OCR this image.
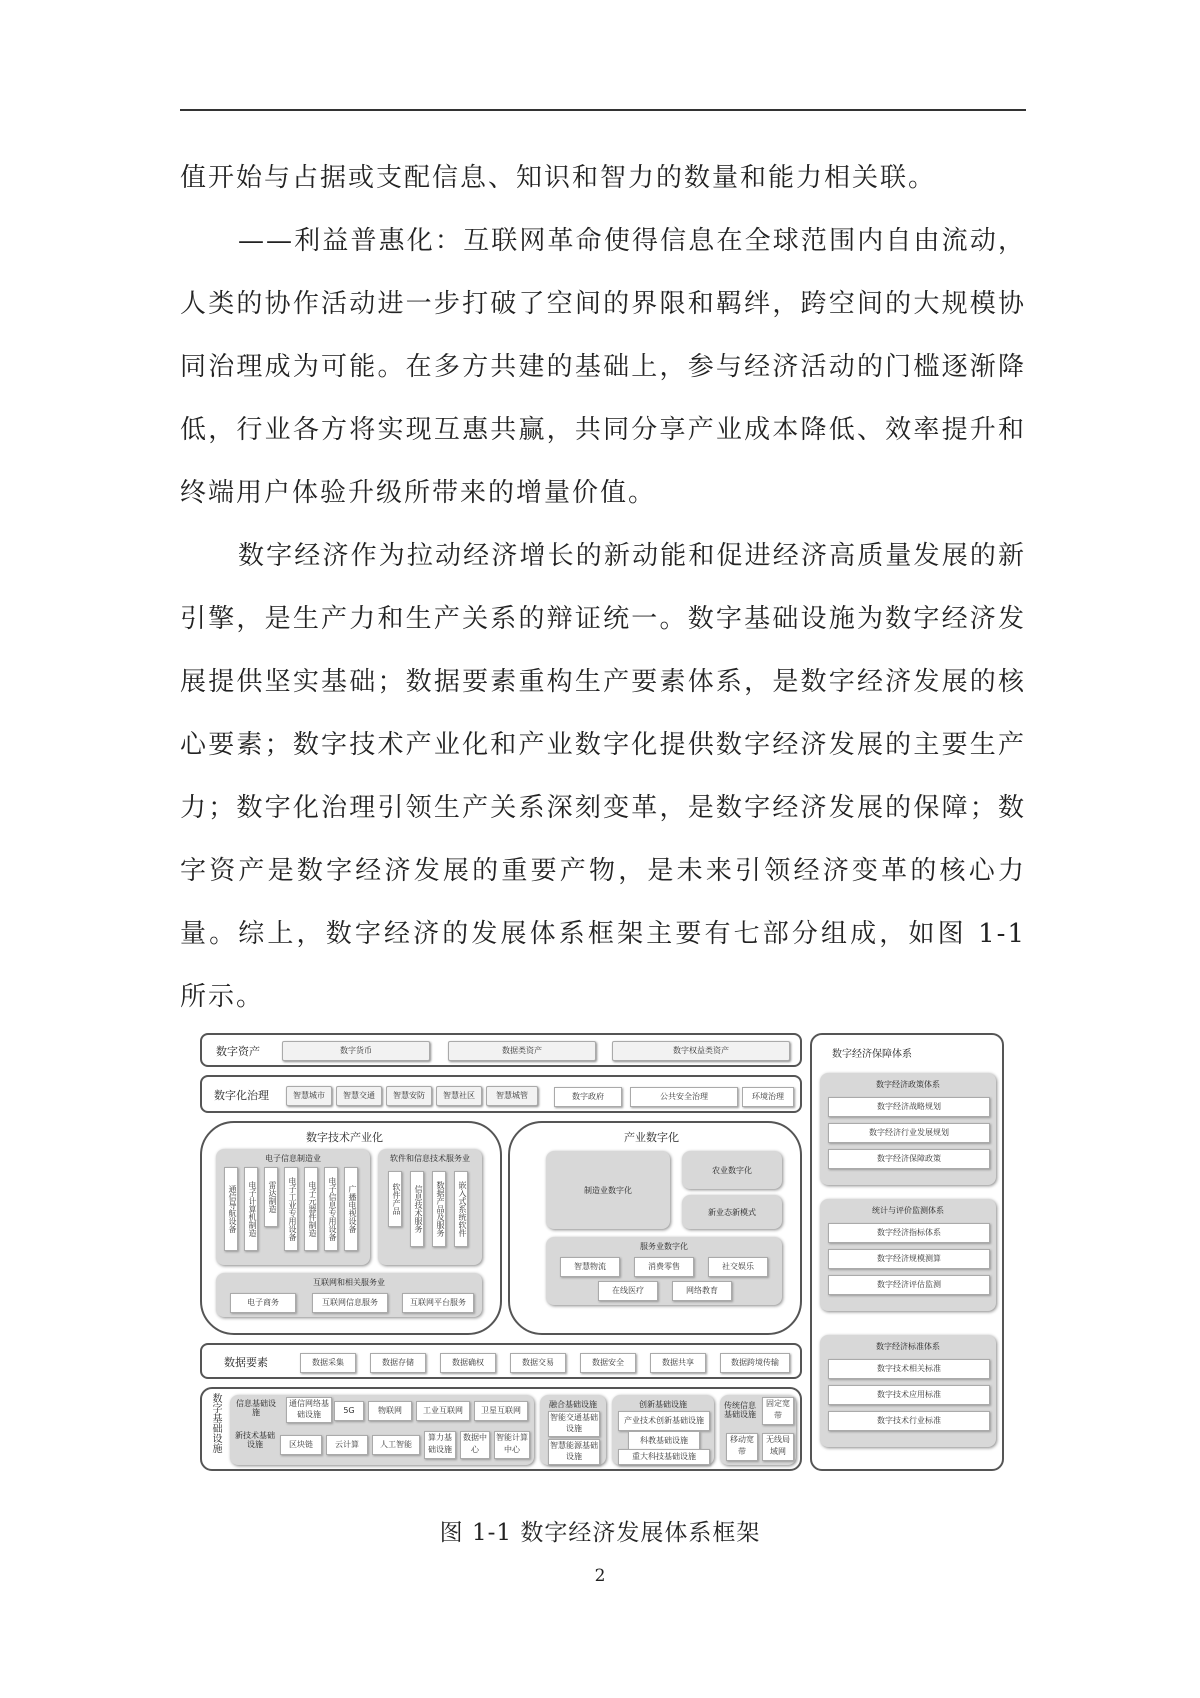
值开始与占据或支配信息、知识和智力的数量和能力相关联。

——利益普惠化：互联网革命使得信息在全球范围内自由流动，人类的协作活动进一步打破了空间的界限和羁绊，跨空间的大规模协同治理成为可能。在多方共建的基础上，参与经济活动的门槛逐渐降低，行业各方将实现互惠共赢，共同分享产业成本降低、效率提升和终端用户体验升级所带来的增量价值。

数字经济作为拉动经济增长的新动能和促进经济高质量发展的新引擎，是生产力和生产关系的辩证统一。数字基础设施为数字经济发展提供坚实基础；数据要素重构生产要素体系，是数字经济发展的核心要素；数字技术产业化和产业数字化提供数字经济发展的主要生产力；数字化治理引领生产关系深刻变革，是数字经济发展的保障；数字资产是数字经济发展的重要产物，是未来引领经济变革的核心力量。综上，数字经济的发展体系框架主要有七部分组成，如图 1-1 所示。

数字资产	数字货币	数据类资产	数字权益类资产
数字化治理	智慧城市	智慧交通	智慧安防	智慧社区	智慧城管	数字政府	公共安全治理	环境治理
数字技术产业化
电子信息制造业
通信导航设备	电子计算机制造	雷达制造	电子工业专用设备	电子元器件制造	电子信息专用设备	广播电视设备
软件和信息技术服务业
软件产品	信息技术服务	数据产品及服务	嵌入式系统软件
互联网和相关服务业
电子商务	互联网信息服务	互联网平台服务
产业数字化
制造业数字化
农业数字化
新业态新模式
服务业数字化
智慧物流	消费零售	社交娱乐
在线医疗	网络教育
数据要素	数据采集	数据存储	数据确权	数据交易	数据安全	数据共享	数据跨境传输
数字基础设施 信息基础设施
通信网络基础设施	5G	物联网	工业互联网	卫星互联网
新技术基础设施	区块链	云计算	人工智能
算力基础设施
数据中心
智能计算中心
融合基础设施
智能交通基础设施
智慧能源基础设施
创新基础设施
产业技术创新基础设施
科教基础设施
重大科技基础设施
传统信息基础设施
固定宽带
移动宽带
无线局域网
数字经济保障体系
数字经济政策体系
数字经济战略规划
数字经济行业发展规划
数字经济保障政策
统计与评价监测体系
数字经济指标体系
数字经济规模测算
数字经济评估监测
数字经济标准体系
数字技术相关标准
数字技术应用标准
数字技术行业标准
图 1-1 数字经济发展体系框架
2
